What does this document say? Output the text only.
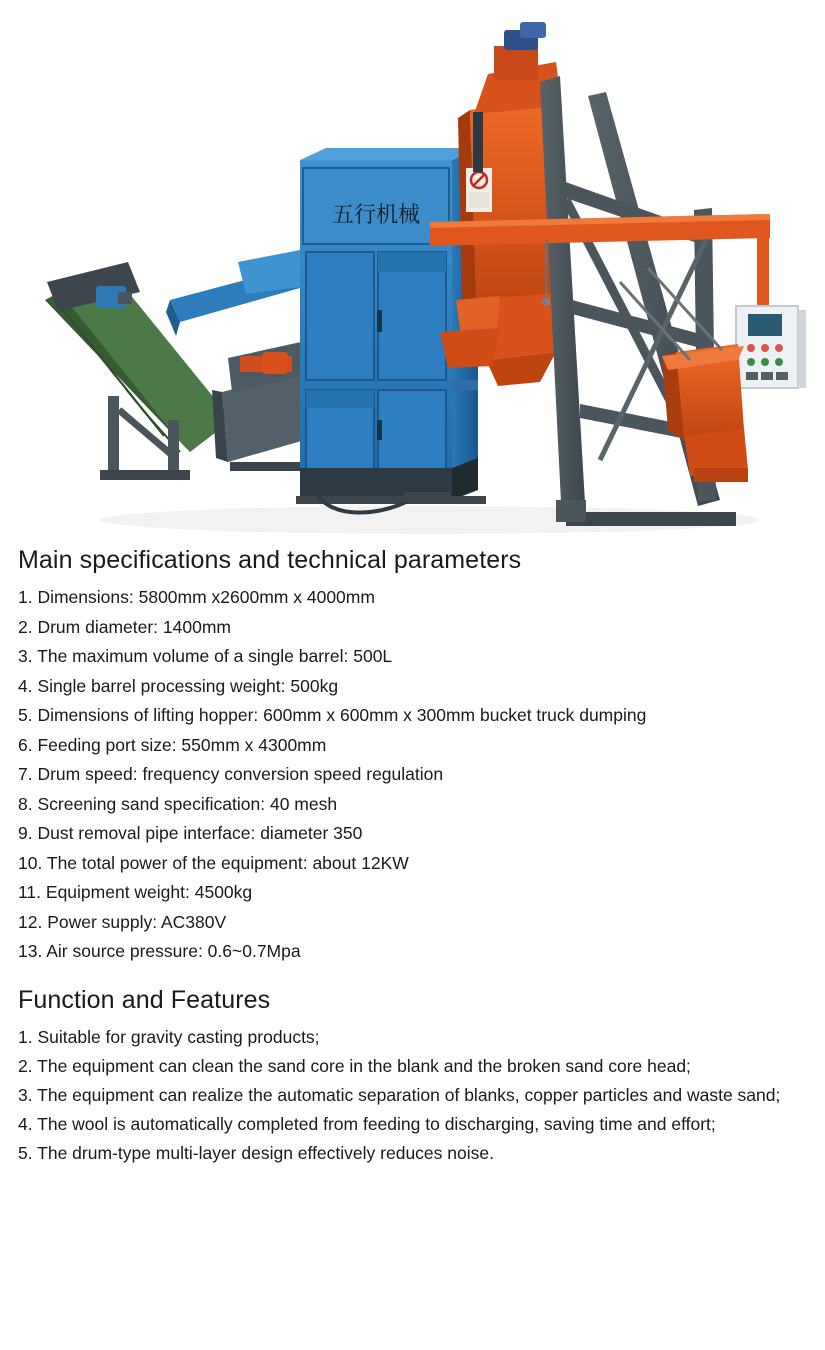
五行机械
Main specifications and technical parameters
1. Dimensions: 5800mm x2600mm x 4000mm
2. Drum diameter: 1400mm
3. The maximum volume of a single barrel: 500L
4. Single barrel processing weight: 500kg
5. Dimensions of lifting hopper: 600mm x 600mm x 300mm bucket truck dumping
6. Feeding port size: 550mm x 4300mm
7. Drum speed: frequency conversion speed regulation
8. Screening sand specification: 40 mesh
9. Dust removal pipe interface: diameter 350
10. The total power of the equipment: about 12KW
11. Equipment weight: 4500kg
12. Power supply: AC380V
13. Air source pressure: 0.6~0.7Mpa
Function and Features
1. Suitable for gravity casting products;
2. The equipment can clean the sand core in the blank and the broken sand core head;
3. The equipment can realize the automatic separation of blanks, copper particles and waste sand;
4. The wool is automatically completed from feeding to discharging, saving time and effort;
5. The drum-type multi-layer design effectively reduces noise.
